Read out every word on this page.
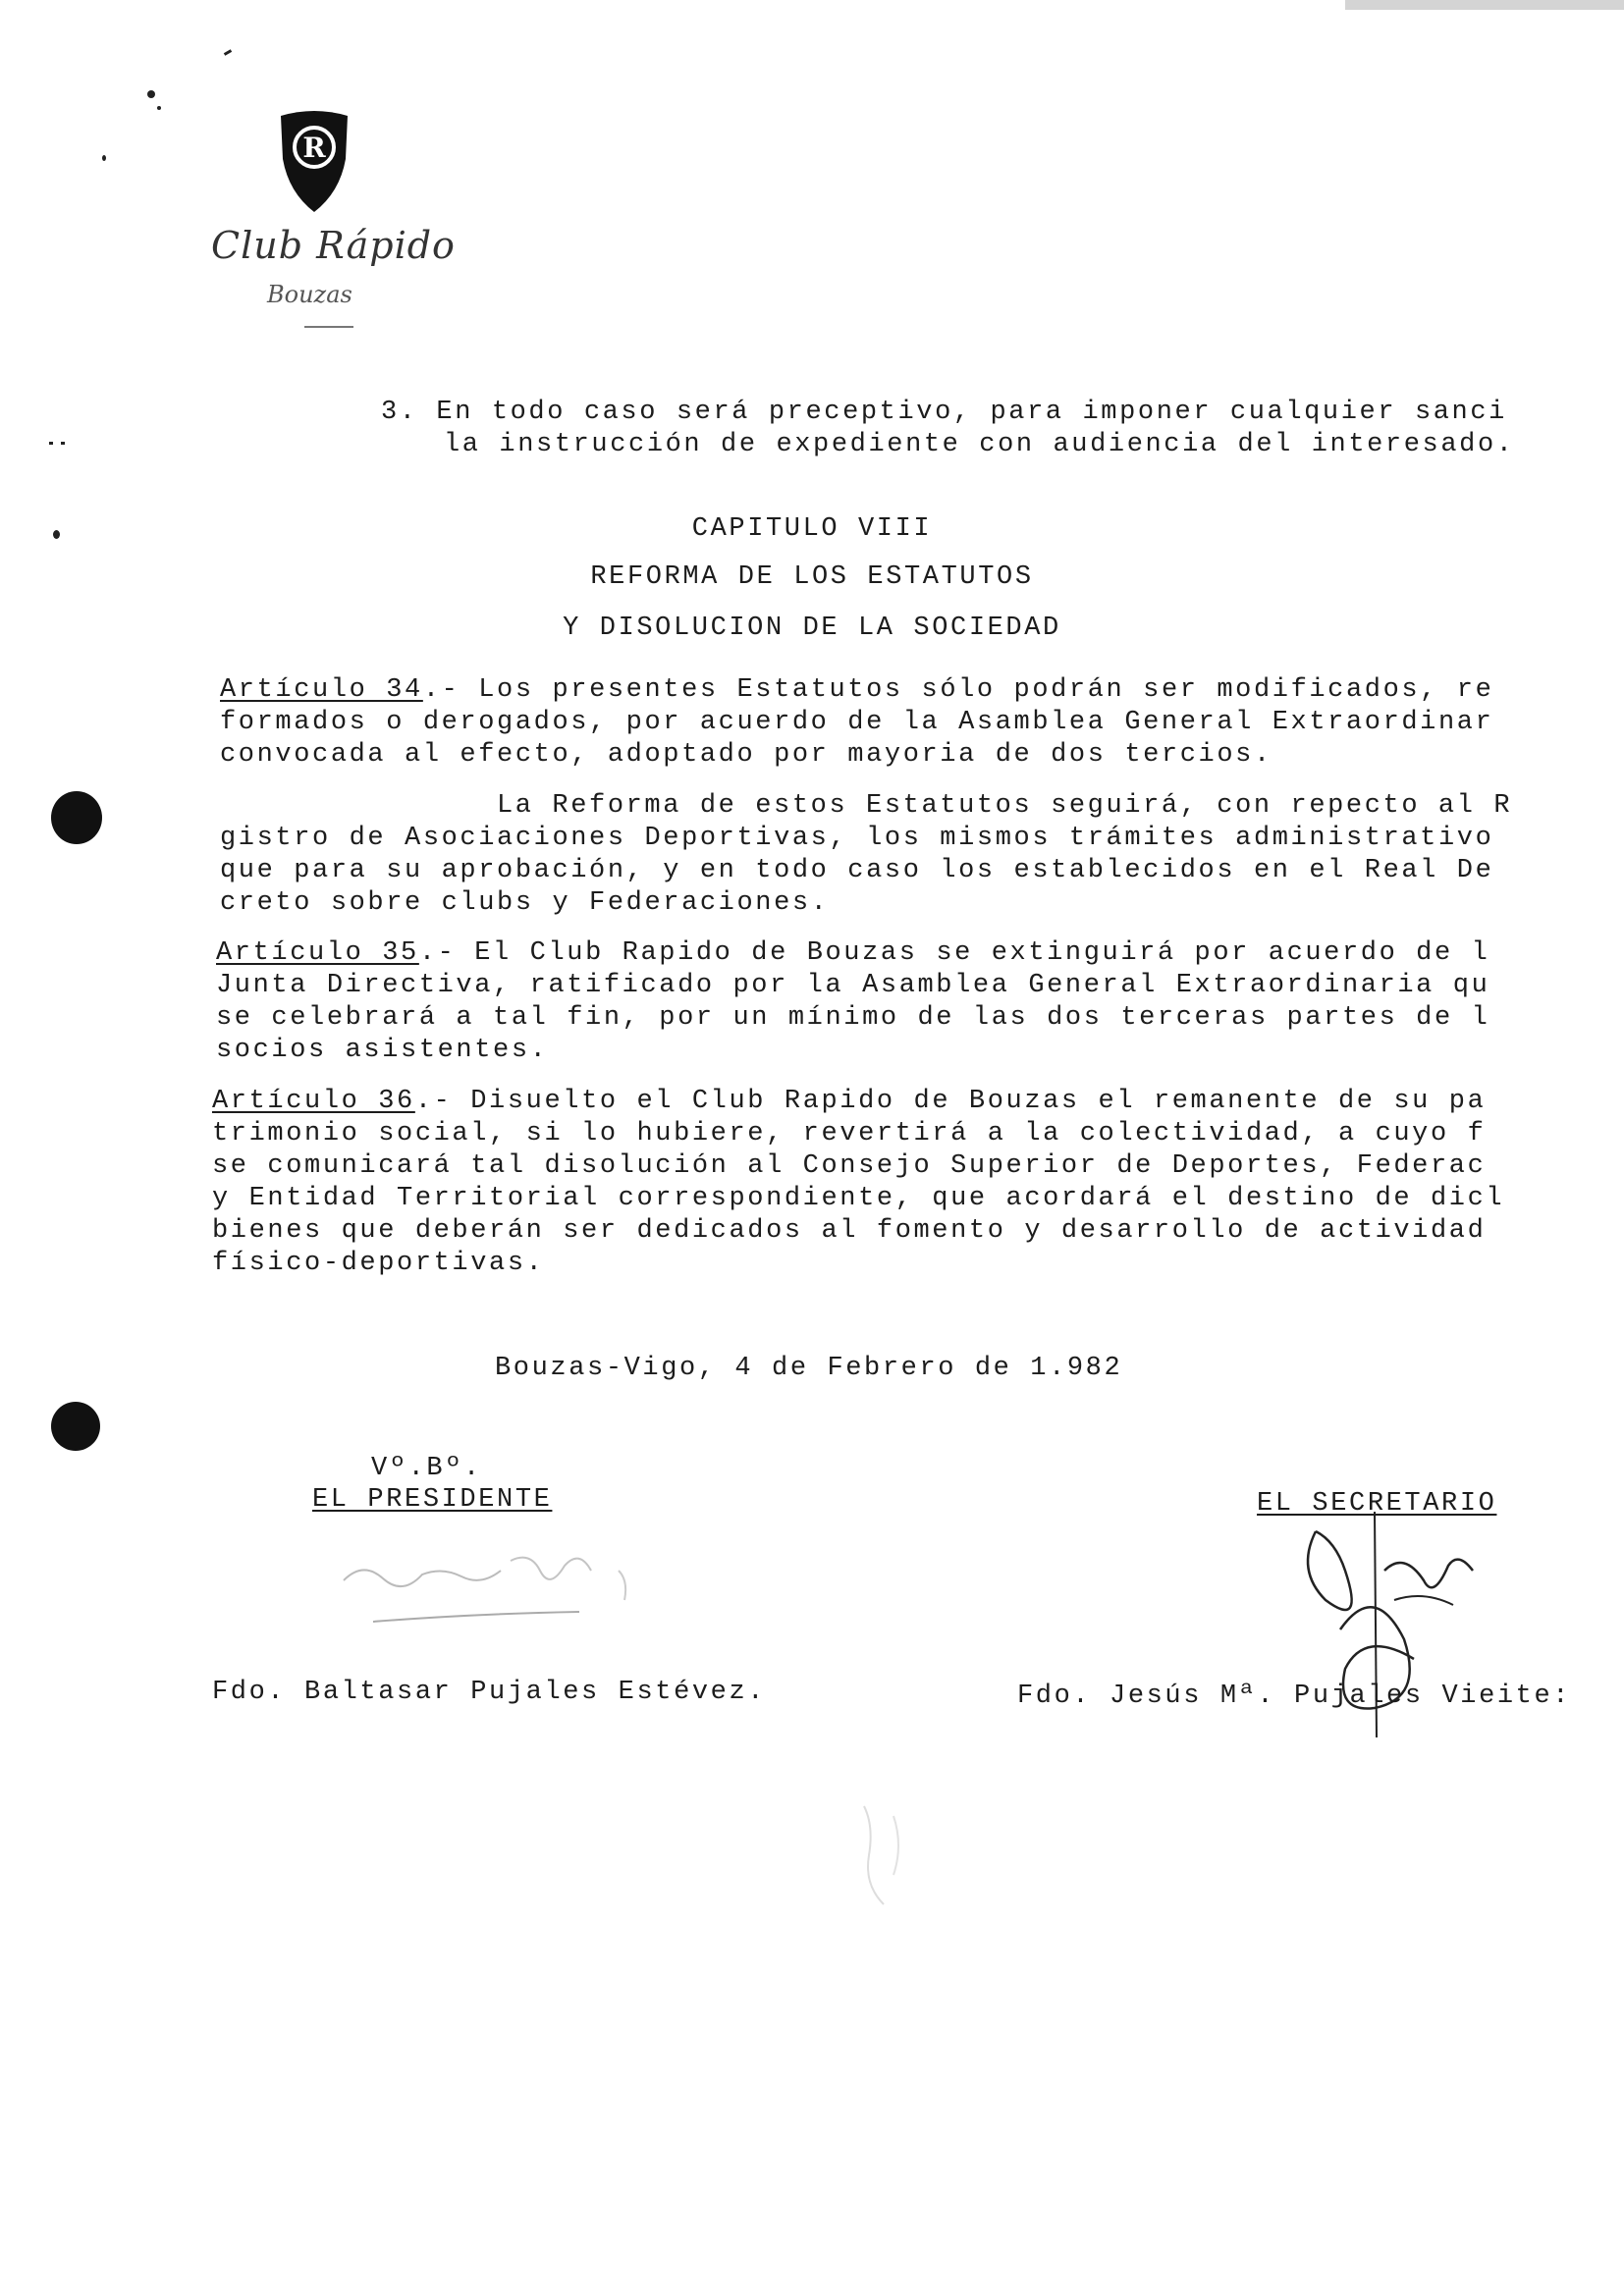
R
Club Rápido
Bouzas
3. En todo caso será preceptivo, para imponer cualquier sanci
la instrucción de expediente con audiencia del interesado.
CAPITULO VIII
REFORMA DE LOS ESTATUTOS
Y DISOLUCION DE LA SOCIEDAD
Artículo 34.- Los presentes Estatutos sólo podrán ser modificados, re
formados o derogados, por acuerdo de la Asamblea General Extraordinar
convocada al efecto, adoptado por mayoria de dos tercios.
La Reforma de estos Estatutos seguirá, con repecto al R
gistro de Asociaciones Deportivas, los mismos trámites administrativo
que para su aprobación, y en todo caso los establecidos en el Real De
creto sobre clubs y Federaciones.
Artículo 35.- El Club Rapido de Bouzas se extinguirá por acuerdo de l
Junta Directiva, ratificado por la Asamblea General Extraordinaria qu
se celebrará a tal fin, por un mínimo de las dos terceras partes de l
socios asistentes.
Artículo 36.- Disuelto el Club Rapido de Bouzas el remanente de su pa
trimonio social, si lo hubiere, revertirá a la colectividad, a cuyo f
se comunicará tal disolución al Consejo Superior de Deportes, Federac
y Entidad Territorial correspondiente, que acordará el destino de dicl
bienes que deberán ser dedicados al fomento y desarrollo de actividad
físico-deportivas.
Bouzas-Vigo, 4 de Febrero de 1.982
Vº.Bº.
EL PRESIDENTE	EL SECRETARIO
Fdo. Baltasar Pujales Estévez.	Fdo. Jesús Mª. Pujales Vieite:
